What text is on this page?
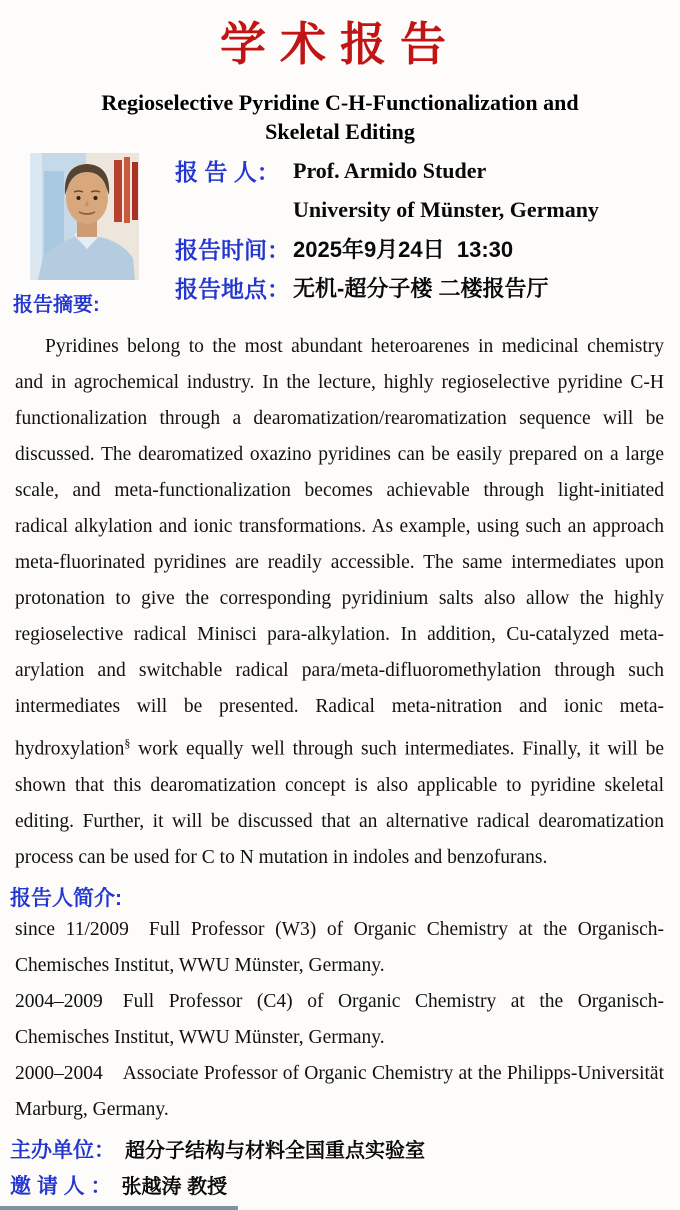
学术报告
Regioselective Pyridine C-H-Functionalization and
Skeletal Editing
报 告 人： Prof. Armido Studer
University of Münster, Germany
报告时间： 2025年9月24日  13:30
报告地点： 无机-超分子楼 二楼报告厅
报告摘要:

Pyridines belong to the most abundant heteroarenes in medicinal chemistry and in agrochemical industry. In the lecture, highly regioselective pyridine C-H functionalization through a dearomatization/rearomatization sequence will be discussed. The dearomatized oxazino pyridines can be easily prepared on a large scale, and meta-functionalization becomes achievable through light-initiated radical alkylation and ionic transformations. As example, using such an approach meta-fluorinated pyridines are readily accessible. The same intermediates upon protonation to give the corresponding pyridinium salts also allow the highly regioselective radical Minisci para-alkylation. In addition, Cu-catalyzed meta-arylation and switchable radical para/meta-difluoromethylation through such intermediates will be presented. Radical meta-nitration and ionic meta-hydroxylation§ work equally well through such intermediates. Finally, it will be shown that this dearomatization concept is also applicable to pyridine skeletal editing. Further, it will be discussed that an alternative radical dearomatization process can be used for C to N mutation in indoles and benzofurans.

报告人简介:

since 11/2009 Full Professor (W3) of Organic Chemistry at the Organisch-Chemisches Institut, WWU Münster, Germany.

2004–2009 Full Professor (C4) of Organic Chemistry at the Organisch-Chemisches Institut, WWU Münster, Germany.

2000–2004 Associate Professor of Organic Chemistry at the Philipps-Universität Marburg, Germany.

主办单位： 超分子结构与材料全国重点实验室
邀 请 人 ： 张越涛 教授
